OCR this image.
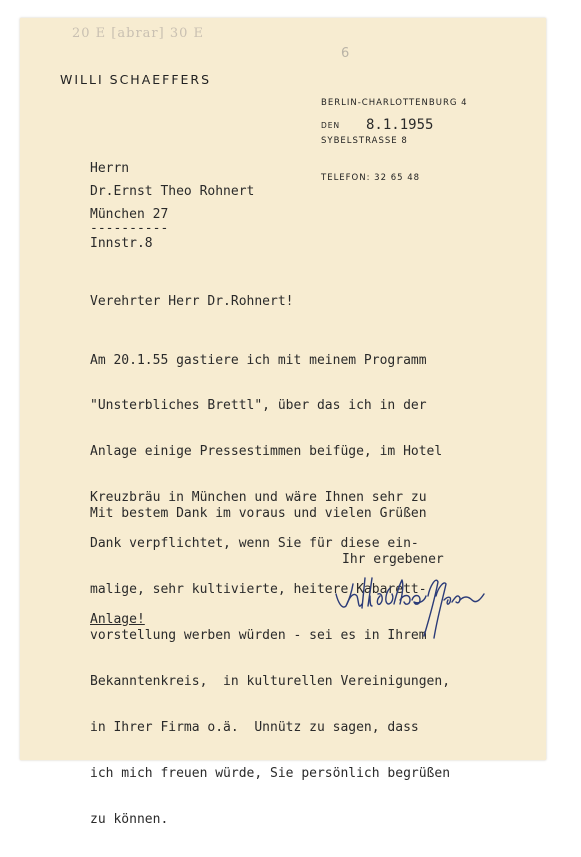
20 E [abrar] 30 E
WILLI SCHAEFFERS
6

BERLIN-CHARLOTTENBURG 4

SYBELSTRASSE 8

TELEFON: 32 65 48

DEN 8.1.1955
Herrn
Dr.Ernst Theo Rohnert
München 27
----------
Innstr.8
Verehrter Herr Dr.Rohnert!

Am 20.1.55 gastiere ich mit meinem Programm

"Unsterbliches Brettl", über das ich in der

Anlage einige Pressestimmen beifüge, im Hotel

Kreuzbräu in München und wäre Ihnen sehr zu

Dank verpflichtet, wenn Sie für diese ein-

malige, sehr kultivierte, heitere Kabarett-

vorstellung werben würden - sei es in Ihrem

Bekanntenkreis,  in kulturellen Vereinigungen,

in Ihrer Firma o.ä.  Unnütz zu sagen, dass

ich mich freuen würde, Sie persönlich begrüßen

zu können.

Mit bestem Dank im voraus und vielen Grüßen
Ihr ergebener
Anlage!
